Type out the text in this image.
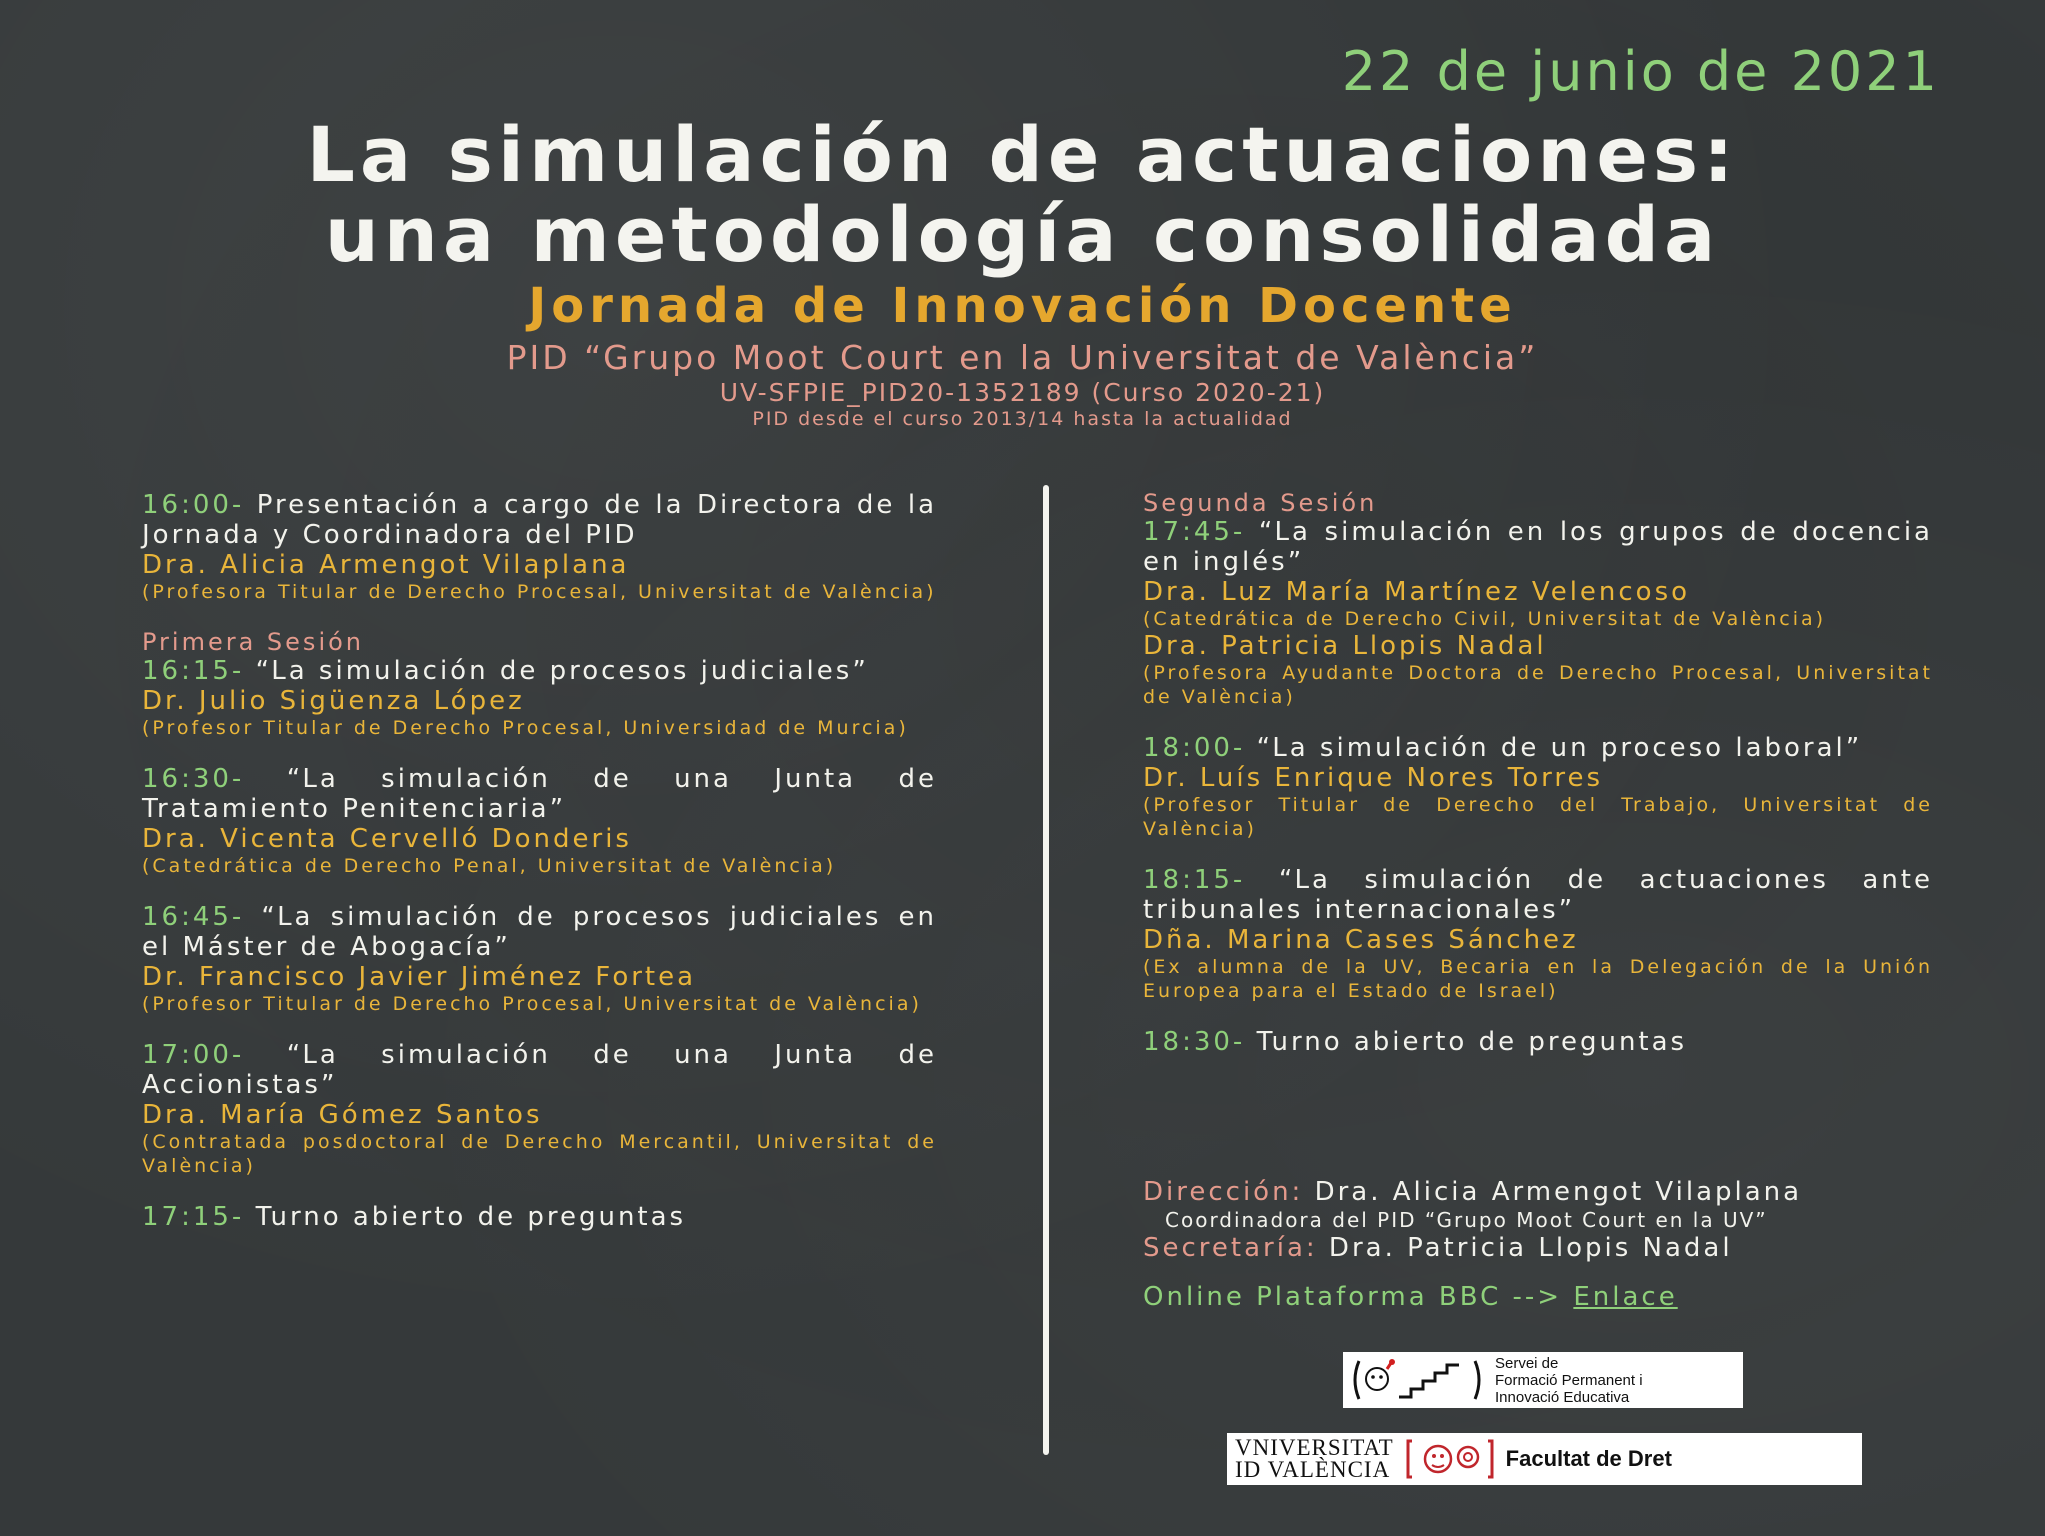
22 de junio de 2021
La simulación de actuaciones:
una metodología consolidada
Jornada de Innovación Docente
PID “Grupo Moot Court en la Universitat de València”
UV-SFPIE_PID20-1352189 (Curso 2020-21)
PID desde el curso 2013/14 hasta la actualidad
16:00- Presentación a cargo de la Directora de la Jornada y Coordinadora del PID
Dra. Alicia Armengot Vilaplana
(Profesora Titular de Derecho Procesal, Universitat de València)
Primera Sesión
16:15- “La simulación de procesos judiciales”
Dr. Julio Sigüenza López
(Profesor Titular de Derecho Procesal, Universidad de Murcia)
16:30- “La simulación de una Junta de Tratamiento Penitenciaria”
Dra. Vicenta Cervelló Donderis
(Catedrática de Derecho Penal, Universitat de València)
16:45- “La simulación de procesos judiciales en el Máster de Abogacía”
Dr. Francisco Javier Jiménez Fortea
(Profesor Titular de Derecho Procesal, Universitat de València)
17:00- “La simulación de una Junta de Accionistas”
Dra. María Gómez Santos
(Contratada posdoctoral de Derecho Mercantil, Universitat de València)
17:15- Turno abierto de preguntas
Segunda Sesión
17:45- “La simulación en los grupos de docencia en inglés”
Dra. Luz María Martínez Velencoso
(Catedrática de Derecho Civil, Universitat de València)
Dra. Patricia Llopis Nadal
(Profesora Ayudante Doctora de Derecho Procesal, Universitat de València)
18:00- “La simulación de un proceso laboral”
Dr. Luís Enrique Nores Torres
(Profesor Titular de Derecho del Trabajo, Universitat de València)
18:15- “La simulación de actuaciones ante tribunales internacionales”
Dña. Marina Cases Sánchez
(Ex alumna de la UV, Becaria en la Delegación de la Unión Europea para el Estado de Israel)
18:30- Turno abierto de preguntas
Dirección: Dra. Alicia Armengot Vilaplana
Coordinadora del PID “Grupo Moot Court en la UV”
Secretaría: Dra. Patricia Llopis Nadal
Online Plataforma BBC --> Enlace
Servei de
Formació Permanent i
Innovació Educativa
VNIVERSITAT
ID VALÈNCIA	Facultat de Dret
